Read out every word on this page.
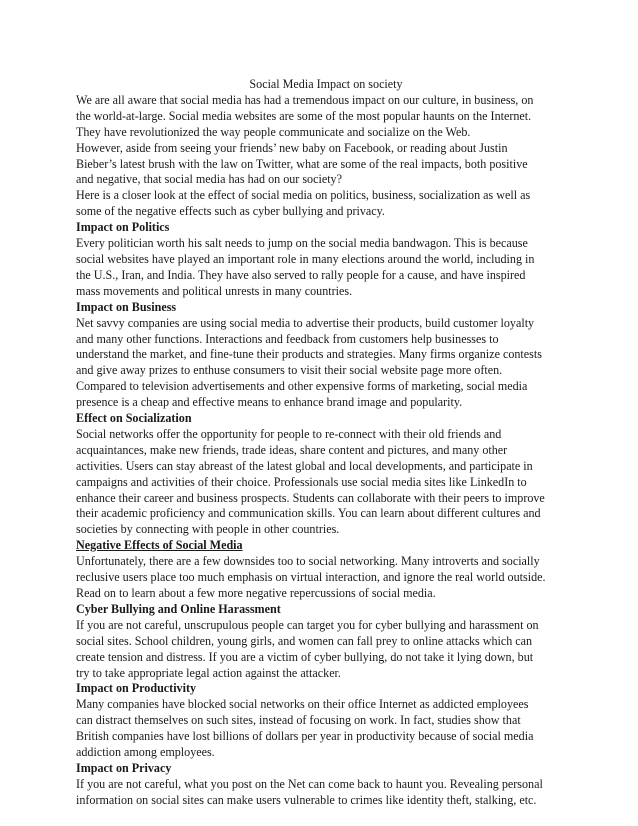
Social Media Impact on society

We are all aware that social media has had a tremendous impact on our culture, in business, on

the world-at-large. Social media websites are some of the most popular haunts on the Internet.

They have revolutionized the way people communicate and socialize on the Web.

However, aside from seeing your friends’ new baby on Facebook, or reading about Justin

Bieber’s latest brush with the law on Twitter, what are some of the real impacts, both positive

and negative, that social media has had on our society?

Here is a closer look at the effect of social media on politics, business, socialization as well as

some of the negative effects such as cyber bullying and privacy.

Impact on Politics

Every politician worth his salt needs to jump on the social media bandwagon. This is because

social websites have played an important role in many elections around the world, including in

the U.S., Iran, and India. They have also served to rally people for a cause, and have inspired

mass movements and political unrests in many countries.

Impact on Business

Net savvy companies are using social media to advertise their products, build customer loyalty

and many other functions. Interactions and feedback from customers help businesses to

understand the market, and fine-tune their products and strategies. Many firms organize contests

and give away prizes to enthuse consumers to visit their social website page more often.

Compared to television advertisements and other expensive forms of marketing, social media

presence is a cheap and effective means to enhance brand image and popularity.

Effect on Socialization

Social networks offer the opportunity for people to re-connect with their old friends and

acquaintances, make new friends, trade ideas, share content and pictures, and many other

activities. Users can stay abreast of the latest global and local developments, and participate in

campaigns and activities of their choice. Professionals use social media sites like LinkedIn to

enhance their career and business prospects. Students can collaborate with their peers to improve

their academic proficiency and communication skills. You can learn about different cultures and

societies by connecting with people in other countries.

Negative Effects of Social Media

Unfortunately, there are a few downsides too to social networking. Many introverts and socially

reclusive users place too much emphasis on virtual interaction, and ignore the real world outside.

Read on to learn about a few more negative repercussions of social media.

Cyber Bullying and Online Harassment

If you are not careful, unscrupulous people can target you for cyber bullying and harassment on

social sites. School children, young girls, and women can fall prey to online attacks which can

create tension and distress. If you are a victim of cyber bullying, do not take it lying down, but

try to take appropriate legal action against the attacker.

Impact on Productivity

Many companies have blocked social networks on their office Internet as addicted employees

can distract themselves on such sites, instead of focusing on work. In fact, studies show that

British companies have lost billions of dollars per year in productivity because of social media

addiction among employees.

Impact on Privacy

If you are not careful, what you post on the Net can come back to haunt you. Revealing personal

information on social sites can make users vulnerable to crimes like identity theft, stalking, etc.
